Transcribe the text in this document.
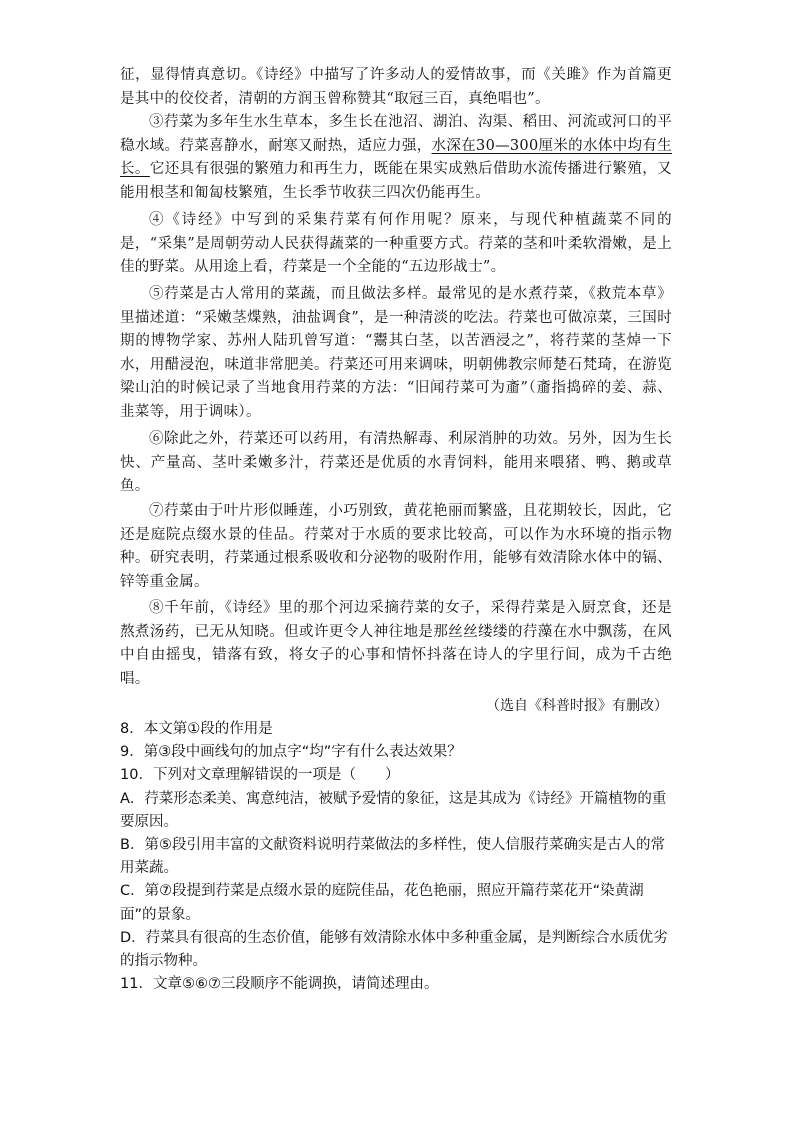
征，显得情真意切。《诗经》中描写了许多动人的爱情故事，而《关雎》作为首篇更是其中的佼佼者，清朝的方润玉曾称赞其“取冠三百，真绝唱也”。

③荇菜为多年生水生草本，多生长在池沼、湖泊、沟渠、稻田、河流或河口的平稳水域。荇菜喜静水，耐寒又耐热，适应力强，水深在30—300厘米的水体中均有生长。它还具有很强的繁殖力和再生力，既能在果实成熟后借助水流传播进行繁殖，又能用根茎和匍匐枝繁殖，生长季节收获三四次仍能再生。

④《诗经》中写到的采集荇菜有何作用呢？原来，与现代种植蔬菜不同的是，“采集”是周朝劳动人民获得蔬菜的一种重要方式。荇菜的茎和叶柔软滑嫩，是上佳的野菜。从用途上看，荇菜是一个全能的“五边形战士”。

⑤荇菜是古人常用的菜蔬，而且做法多样。最常见的是水煮荇菜，《救荒本草》里描述道：“采嫩茎煠熟，油盐调食”，是一种清淡的吃法。荇菜也可做凉菜，三国时期的博物学家、苏州人陆玑曾写道：“鬻其白茎，以苦酒浸之”，将荇菜的茎焯一下水，用醋浸泡，味道非常肥美。荇菜还可用来调味，明朝佛教宗师楚石梵琦，在游览梁山泊的时候记录了当地食用荇菜的方法：“旧闻荇菜可为齑”（齑指捣碎的姜、蒜、韭菜等，用于调味）。

⑥除此之外，荇菜还可以药用，有清热解毒、利尿消肿的功效。另外，因为生长快、产量高、茎叶柔嫩多汁，荇菜还是优质的水青饲料，能用来喂猪、鸭、鹅或草鱼。

⑦荇菜由于叶片形似睡莲，小巧别致，黄花艳丽而繁盛，且花期较长，因此，它还是庭院点缀水景的佳品。荇菜对于水质的要求比较高，可以作为水环境的指示物种。研究表明，荇菜通过根系吸收和分泌物的吸附作用，能够有效清除水体中的镉、锌等重金属。

⑧千年前，《诗经》里的那个河边采摘荇菜的女子，采得荇菜是入厨烹食，还是熬煮汤药，已无从知晓。但或许更令人神往地是那丝丝缕缕的荇藻在水中飘荡，在风中自由摇曳，错落有致，将女子的心事和情怀抖落在诗人的字里行间，成为千古绝唱。

（选自《科普时报》有删改）

8．本文第①段的作用是

9．第③段中画线句的加点字“均”字有什么表达效果？

10．下列对文章理解错误的一项是（　　）

A．荇菜形态柔美、寓意纯洁，被赋予爱情的象征，这是其成为《诗经》开篇植物的重要原因。

B．第⑤段引用丰富的文献资料说明荇菜做法的多样性，使人信服荇菜确实是古人的常用菜蔬。

C．第⑦段提到荇菜是点缀水景的庭院佳品，花色艳丽，照应开篇荇菜花开“染黄湖面”的景象。

D．荇菜具有很高的生态价值，能够有效清除水体中多种重金属，是判断综合水质优劣的指示物种。

11．文章⑤⑥⑦三段顺序不能调换，请简述理由。
